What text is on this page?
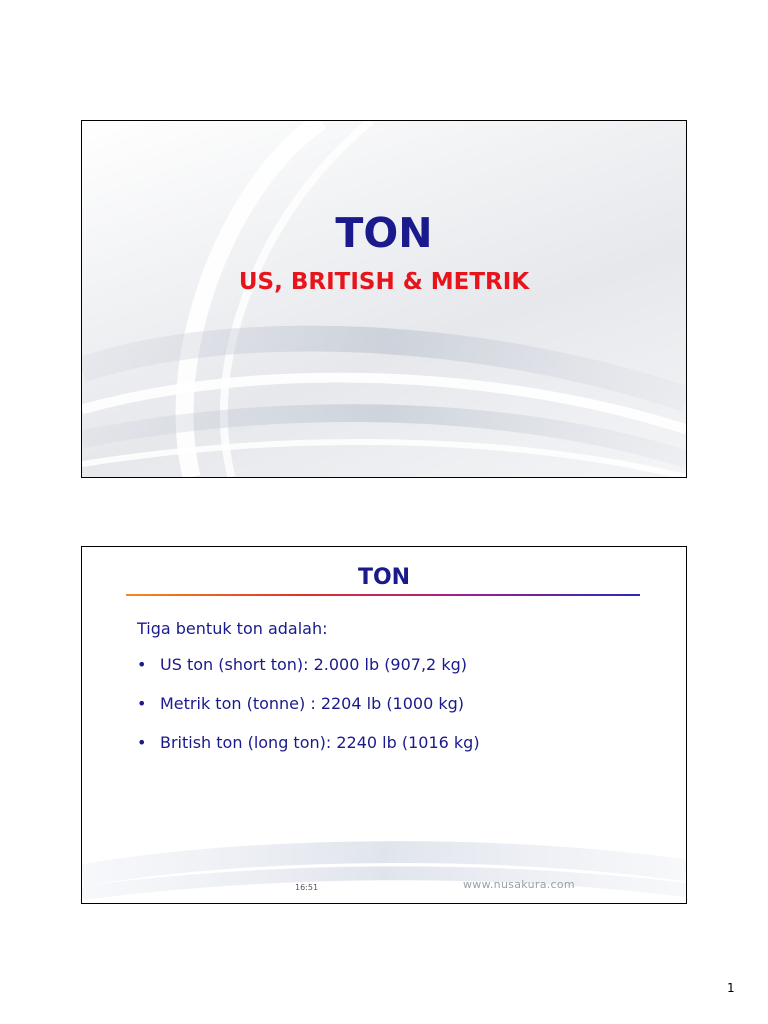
TON
US, BRITISH & METRIK
TON

Tiga bentuk ton adalah:

• US ton (short ton): 2.000 lb (907,2 kg)
• Metrik ton (tonne) : 2204 lb (1000 kg)
• British ton (long ton): 2240 lb (1016 kg)
16:51	www.nusakura.com
1
